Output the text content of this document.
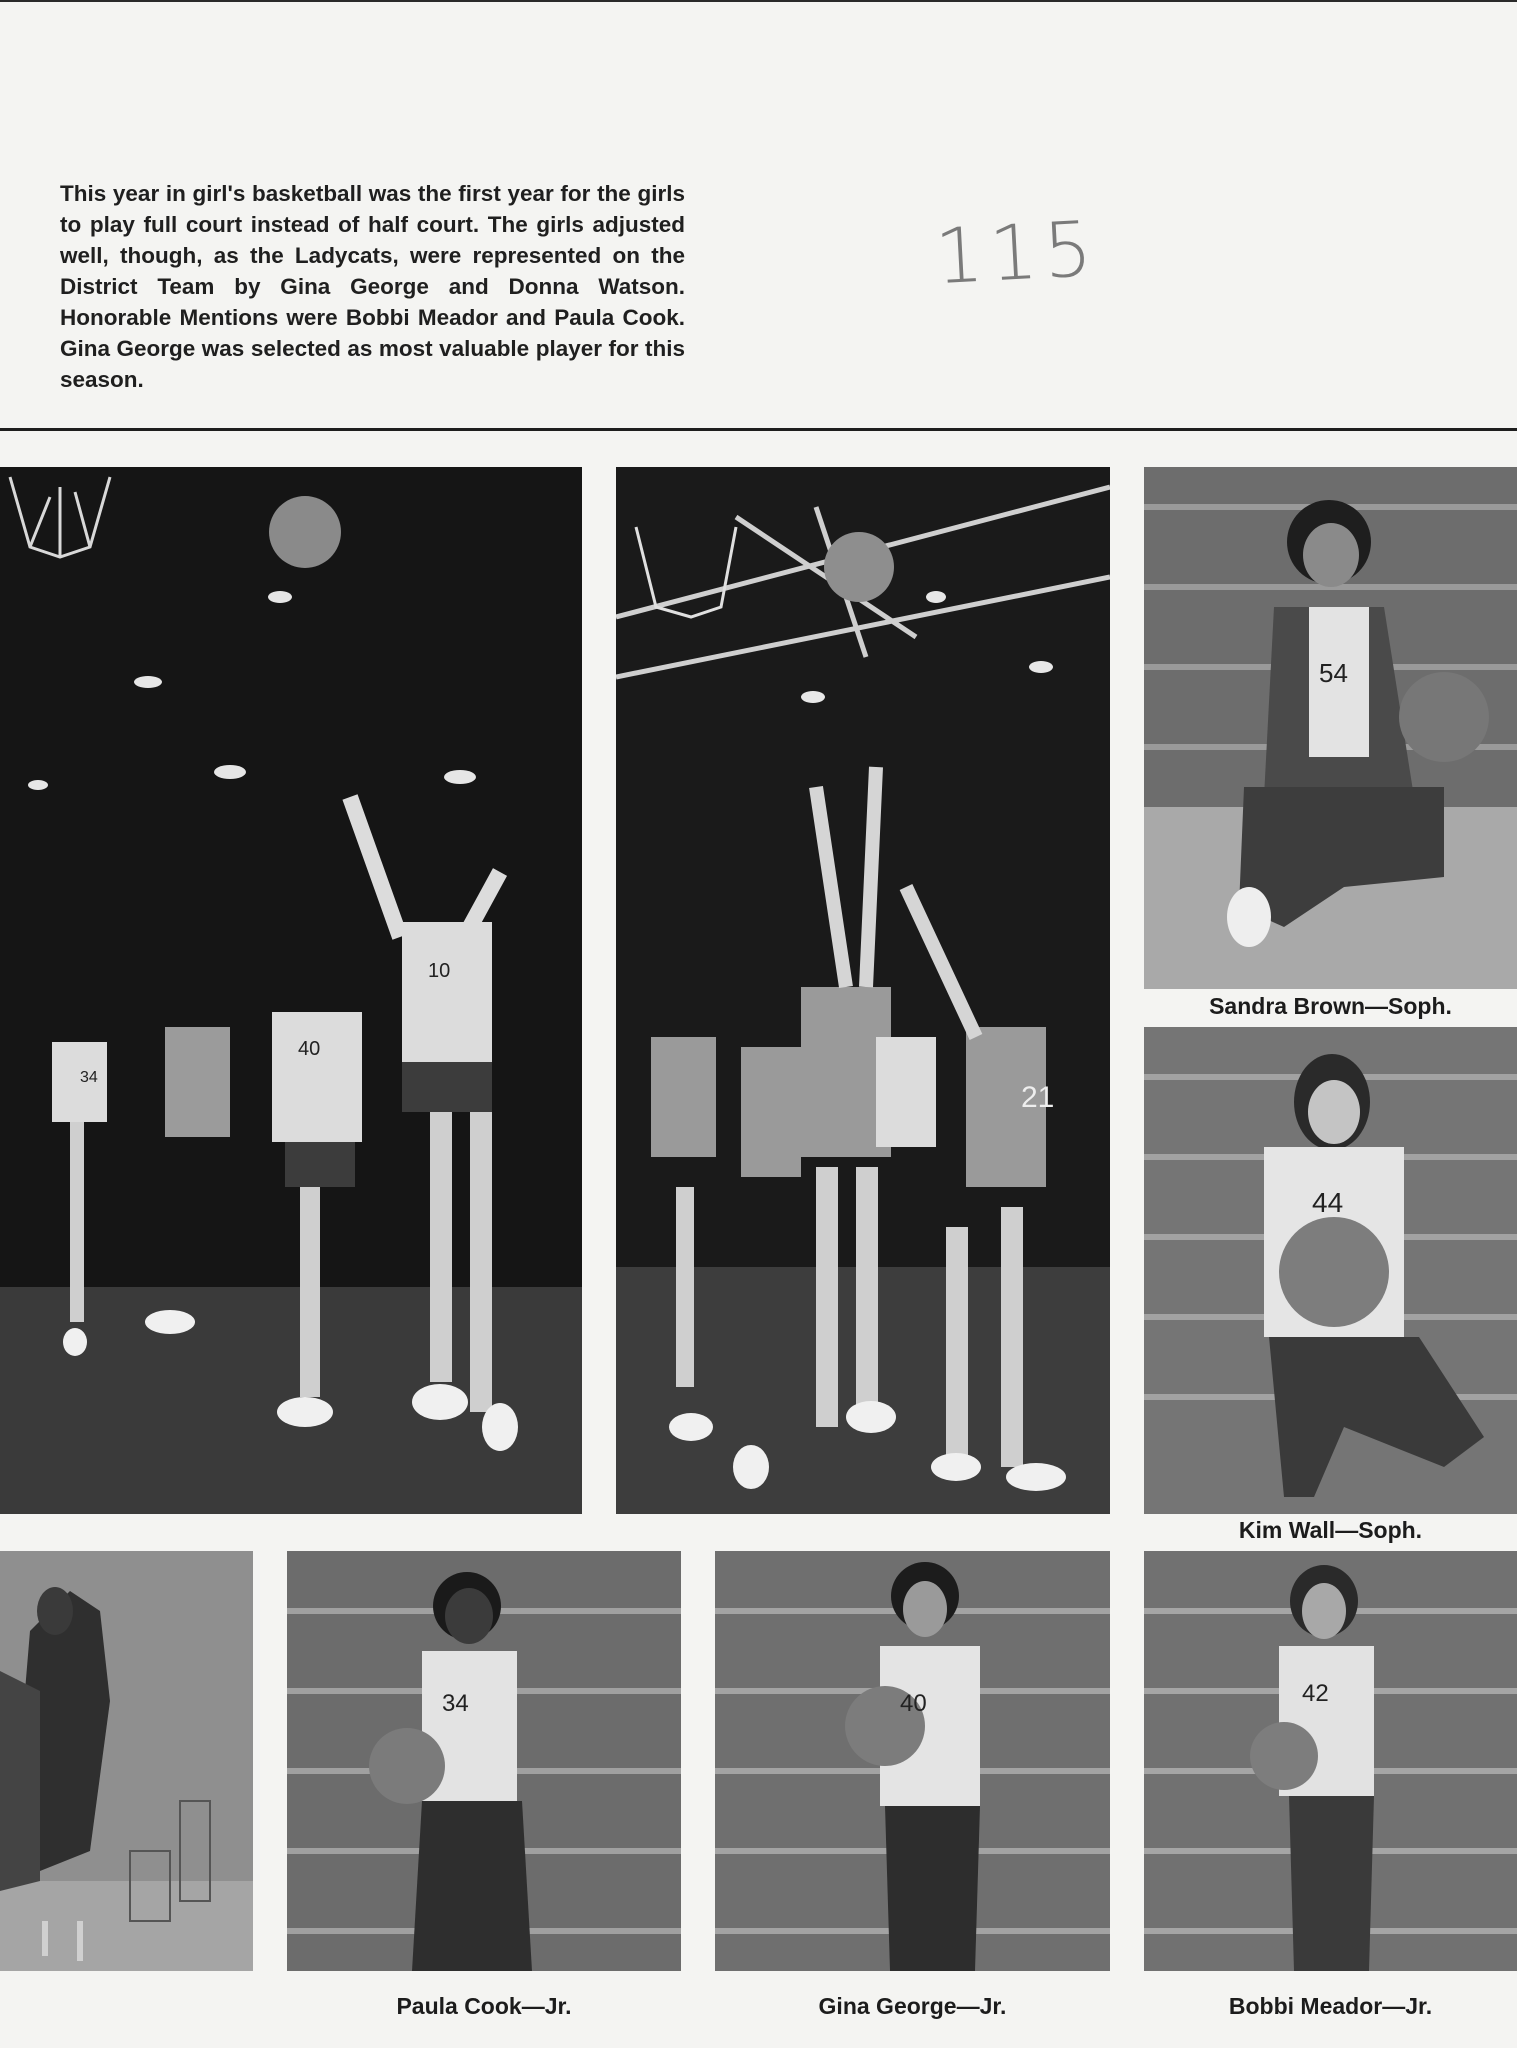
This year in girl's basketball was the first year for the girls to play full court instead of half court. The girls adjusted well, though, as the Ladycats, were represented on the District Team by Gina George and Donna Watson. Honorable Mentions were Bobbi Meador and Paula Cook. Gina George was selected as most valuable player for this season.
115
34
40
10
21
54
Sandra Brown—Soph.
44
Kim Wall—Soph.
34	40	42
Paula Cook—Jr.	Gina George—Jr.	Bobbi Meador—Jr.
